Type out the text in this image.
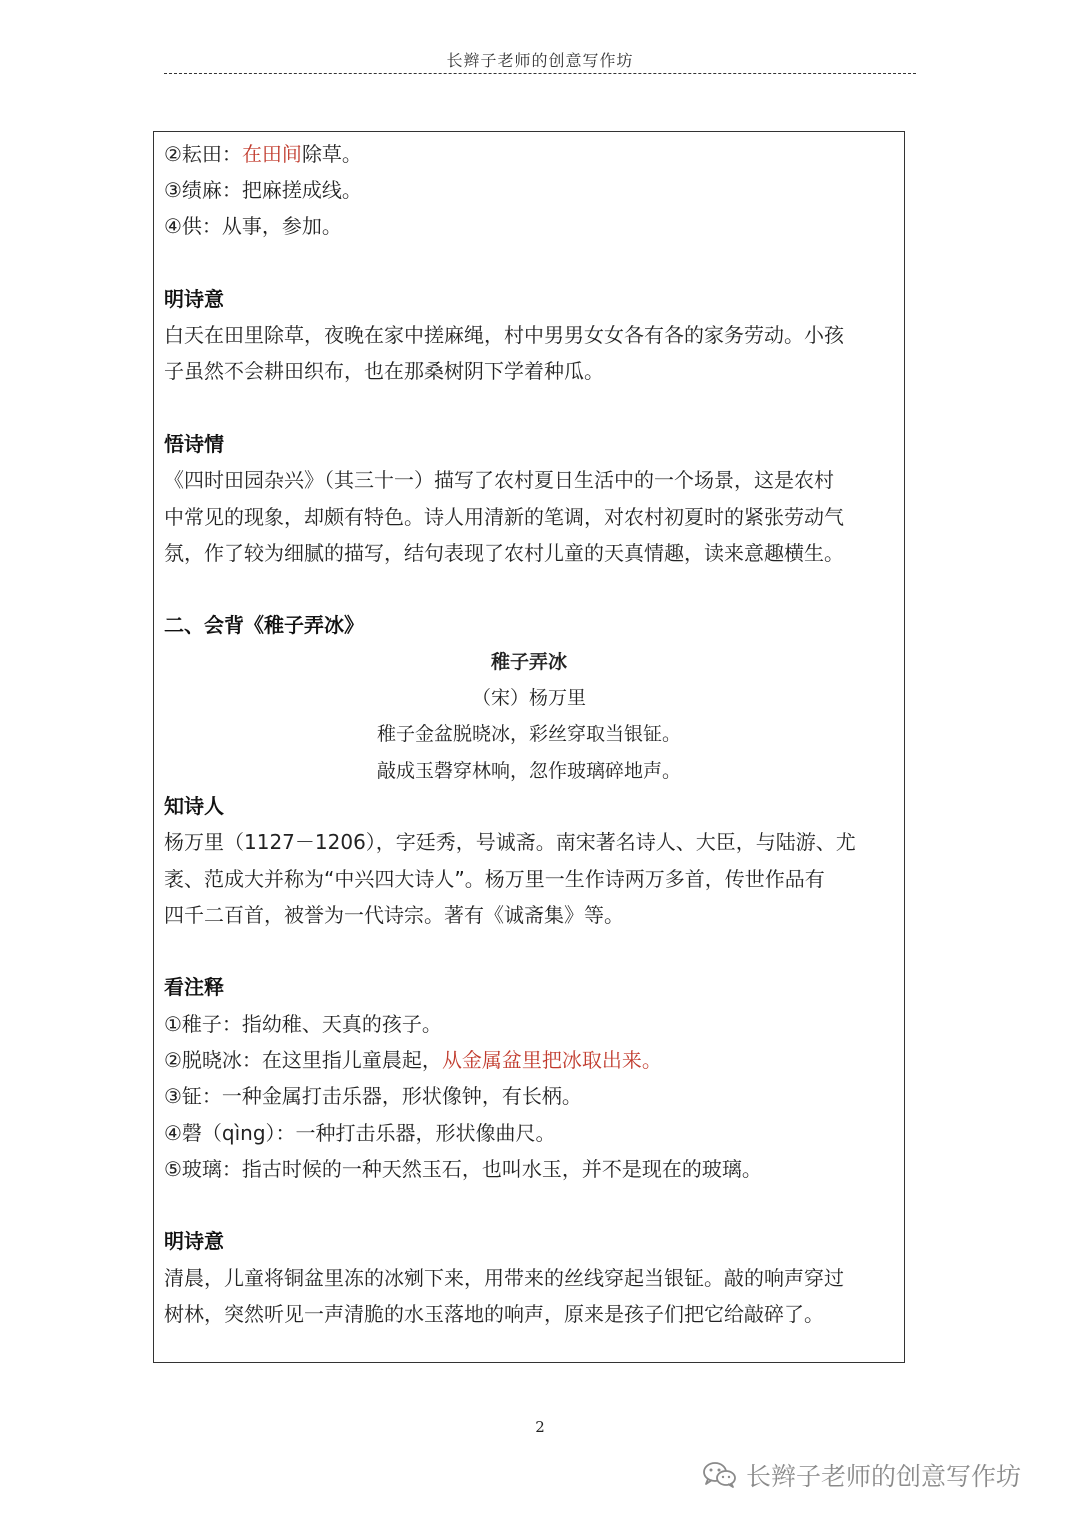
长辫子老师的创意写作坊
②耘田：在田间除草。
③绩麻：把麻搓成线。
④供：从事，参加。
明诗意
白天在田里除草，夜晚在家中搓麻绳，村中男男女女各有各的家务劳动。小孩
子虽然不会耕田织布，也在那桑树阴下学着种瓜。
悟诗情
《四时田园杂兴》（其三十一）描写了农村夏日生活中的一个场景，这是农村
中常见的现象，却颇有特色。诗人用清新的笔调，对农村初夏时的紧张劳动气
氛，作了较为细腻的描写，结句表现了农村儿童的天真情趣，读来意趣横生。
二、会背《稚子弄冰》
稚子弄冰
（宋）杨万里
稚子金盆脱晓冰，彩丝穿取当银钲。
敲成玉磬穿林响，忽作玻璃碎地声。
知诗人
杨万里（1127－1206），字廷秀，号诚斋。南宋著名诗人、大臣，与陆游、尤
袤、范成大并称为“中兴四大诗人”。杨万里一生作诗两万多首，传世作品有
四千二百首，被誉为一代诗宗。著有《诚斋集》等。
看注释
①稚子：指幼稚、天真的孩子。
②脱晓冰：在这里指儿童晨起，从金属盆里把冰取出来。
③钲：一种金属打击乐器，形状像钟，有长柄。
④磬（qìng）：一种打击乐器，形状像曲尺。
⑤玻璃：指古时候的一种天然玉石，也叫水玉，并不是现在的玻璃。
明诗意
清晨，儿童将铜盆里冻的冰剜下来，用带来的丝线穿起当银钲。敲的响声穿过
树林，突然听见一声清脆的水玉落地的响声，原来是孩子们把它给敲碎了。
2
长辫子老师的创意写作坊
